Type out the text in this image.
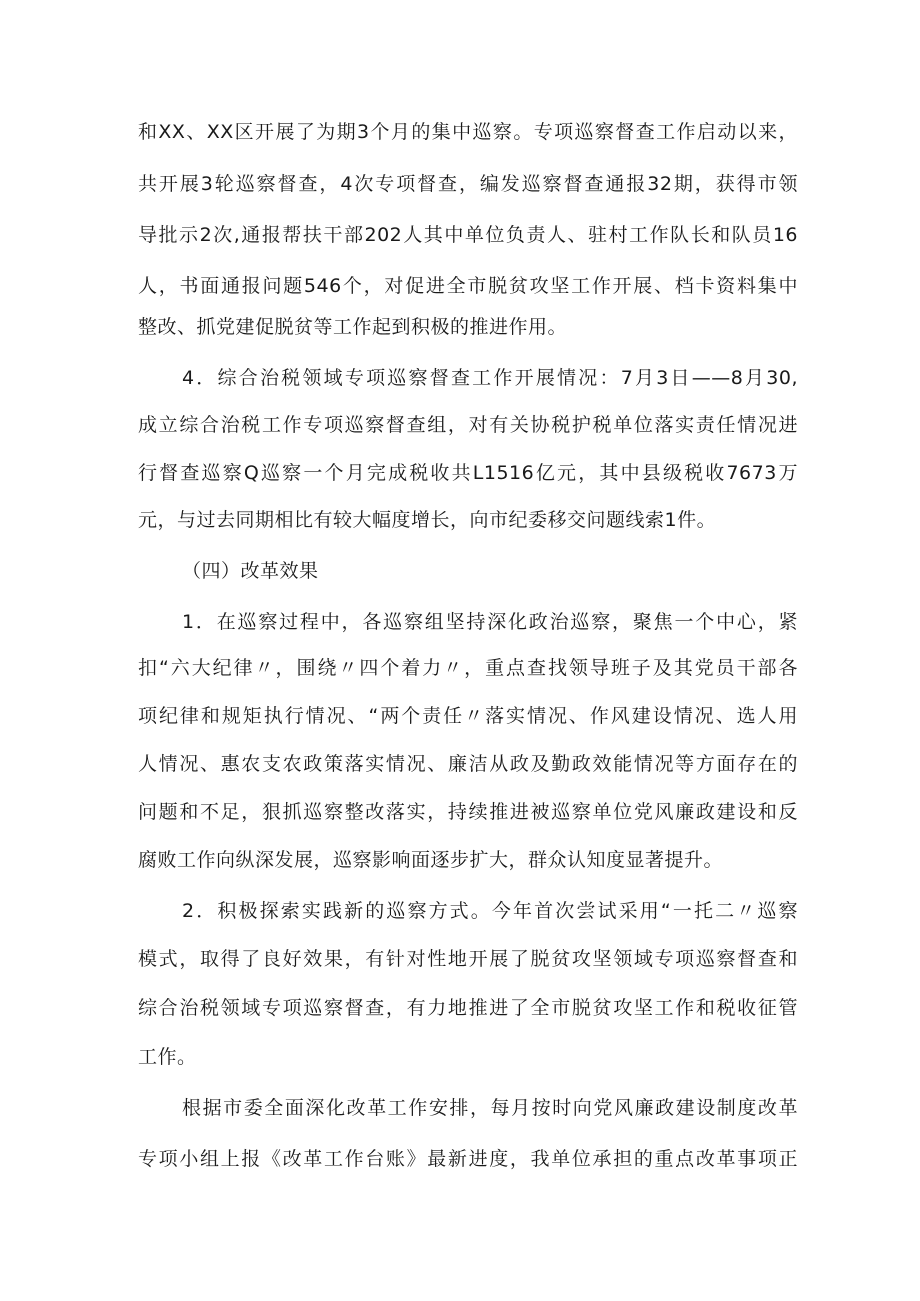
和XX、XX区开展了为期3个月的集中巡察。专项巡察督查工作启动以来，
共开展3轮巡察督查，4次专项督查，编发巡察督查通报32期，获得市领
导批示2次,通报帮扶干部202人其中单位负责人、驻村工作队长和队员16
人，书面通报问题546个，对促进全市脱贫攻坚工作开展、档卡资料集中
整改、抓党建促脱贫等工作起到积极的推进作用。
4．综合治税领域专项巡察督查工作开展情况：7月3日——8月30,
成立综合治税工作专项巡察督查组，对有关协税护税单位落实责任情况进
行督查巡察Q巡察一个月完成税收共L1516亿元，其中县级税收7673万
元，与过去同期相比有较大幅度增长，向市纪委移交问题线索1件。
（四）改革效果
1．在巡察过程中，各巡察组坚持深化政治巡察，聚焦一个中心，紧
扣“六大纪律〃，围绕〃四个着力〃，重点查找领导班子及其党员干部各
项纪律和规矩执行情况、“两个责任〃落实情况、作风建设情况、选人用
人情况、惠农支农政策落实情况、廉洁从政及勤政效能情况等方面存在的
问题和不足，狠抓巡察整改落实，持续推进被巡察单位党风廉政建设和反
腐败工作向纵深发展，巡察影响面逐步扩大，群众认知度显著提升。
2．积极探索实践新的巡察方式。今年首次尝试采用“一托二〃巡察
模式，取得了良好效果，有针对性地开展了脱贫攻坚领域专项巡察督查和
综合治税领域专项巡察督查，有力地推进了全市脱贫攻坚工作和税收征管
工作。
根据市委全面深化改革工作安排，每月按时向党风廉政建设制度改革
专项小组上报《改革工作台账》最新进度，我单位承担的重点改革事项正
